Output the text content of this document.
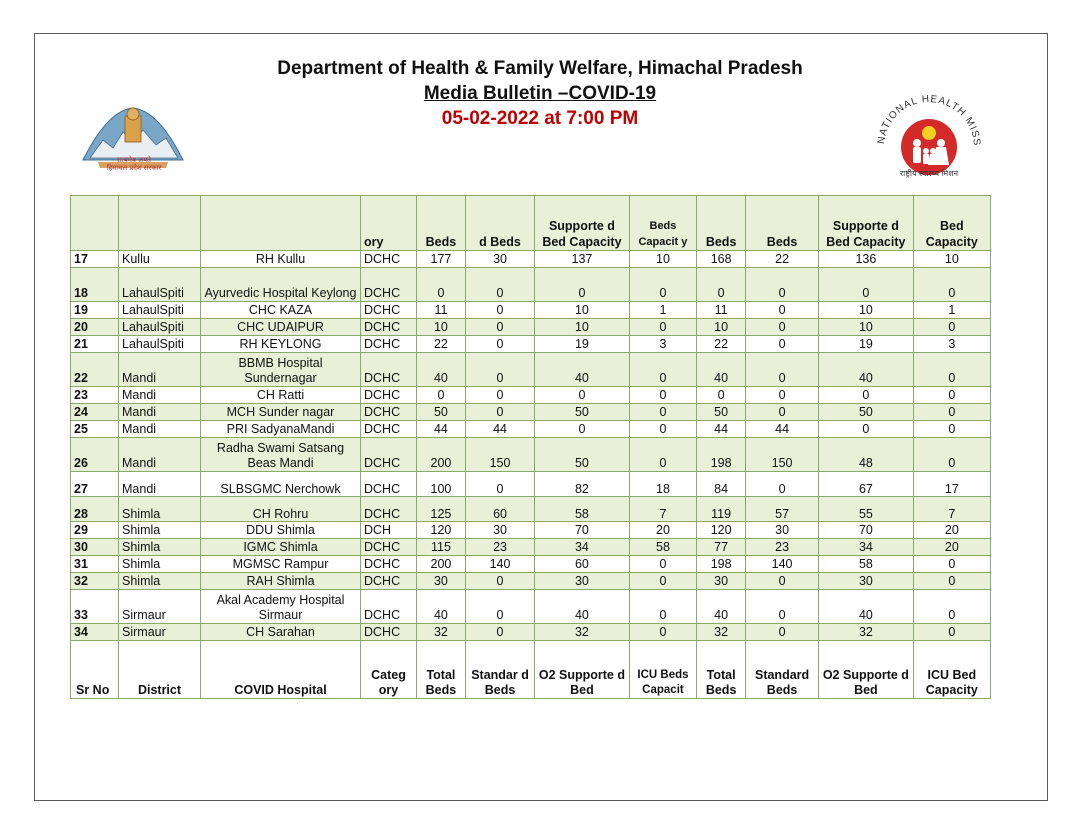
सत्यमेव जयते
हिमाचल प्रदेश सरकार
NATIONAL HEALTH MISS
राष्ट्रीय स्वास्थ्य मिशन
Department of Health & Family Welfare, Himachal Pradesh
Media Bulletin –COVID-19
05-02-2022 at 7:00 PM
			ory	Beds	d Beds	Supporte d Bed Capacity	Beds Capacit y	Beds	Beds	Supporte d Bed Capacity	Bed Capacity
17	Kullu	RH Kullu	DCHC	177	30	137	10	168	22	136	10
18	LahaulSpiti	Ayurvedic Hospital Keylong	DCHC	0	0	0	0	0	0	0	0
19	LahaulSpiti	CHC KAZA	DCHC	11	0	10	1	11	0	10	1
20	LahaulSpiti	CHC UDAIPUR	DCHC	10	0	10	0	10	0	10	0
21	LahaulSpiti	RH KEYLONG	DCHC	22	0	19	3	22	0	19	3
22	Mandi	BBMB Hospital Sundernagar	DCHC	40	0	40	0	40	0	40	0
23	Mandi	CH Ratti	DCHC	0	0	0	0	0	0	0	0
24	Mandi	MCH Sunder nagar	DCHC	50	0	50	0	50	0	50	0
25	Mandi	PRI SadyanaMandi	DCHC	44	44	0	0	44	44	0	0
26	Mandi	Radha Swami Satsang Beas Mandi	DCHC	200	150	50	0	198	150	48	0
27	Mandi	SLBSGMC Nerchowk	DCHC	100	0	82	18	84	0	67	17
28	Shimla	CH Rohru	DCHC	125	60	58	7	119	57	55	7
29	Shimla	DDU Shimla	DCH	120	30	70	20	120	30	70	20
30	Shimla	IGMC Shimla	DCHC	115	23	34	58	77	23	34	20
31	Shimla	MGMSC Rampur	DCHC	200	140	60	0	198	140	58	0
32	Shimla	RAH Shimla	DCHC	30	0	30	0	30	0	30	0
33	Sirmaur	Akal Academy Hospital Sirmaur	DCHC	40	0	40	0	40	0	40	0
34	Sirmaur	CH Sarahan	DCHC	32	0	32	0	32	0	32	0
Sr No	District	COVID Hospital	Categ ory	Total Beds	Standar d Beds	O2 Supporte d Bed	ICU Beds Capacit	Total Beds	Standard Beds	O2 Supporte d Bed	ICU Bed Capacity
